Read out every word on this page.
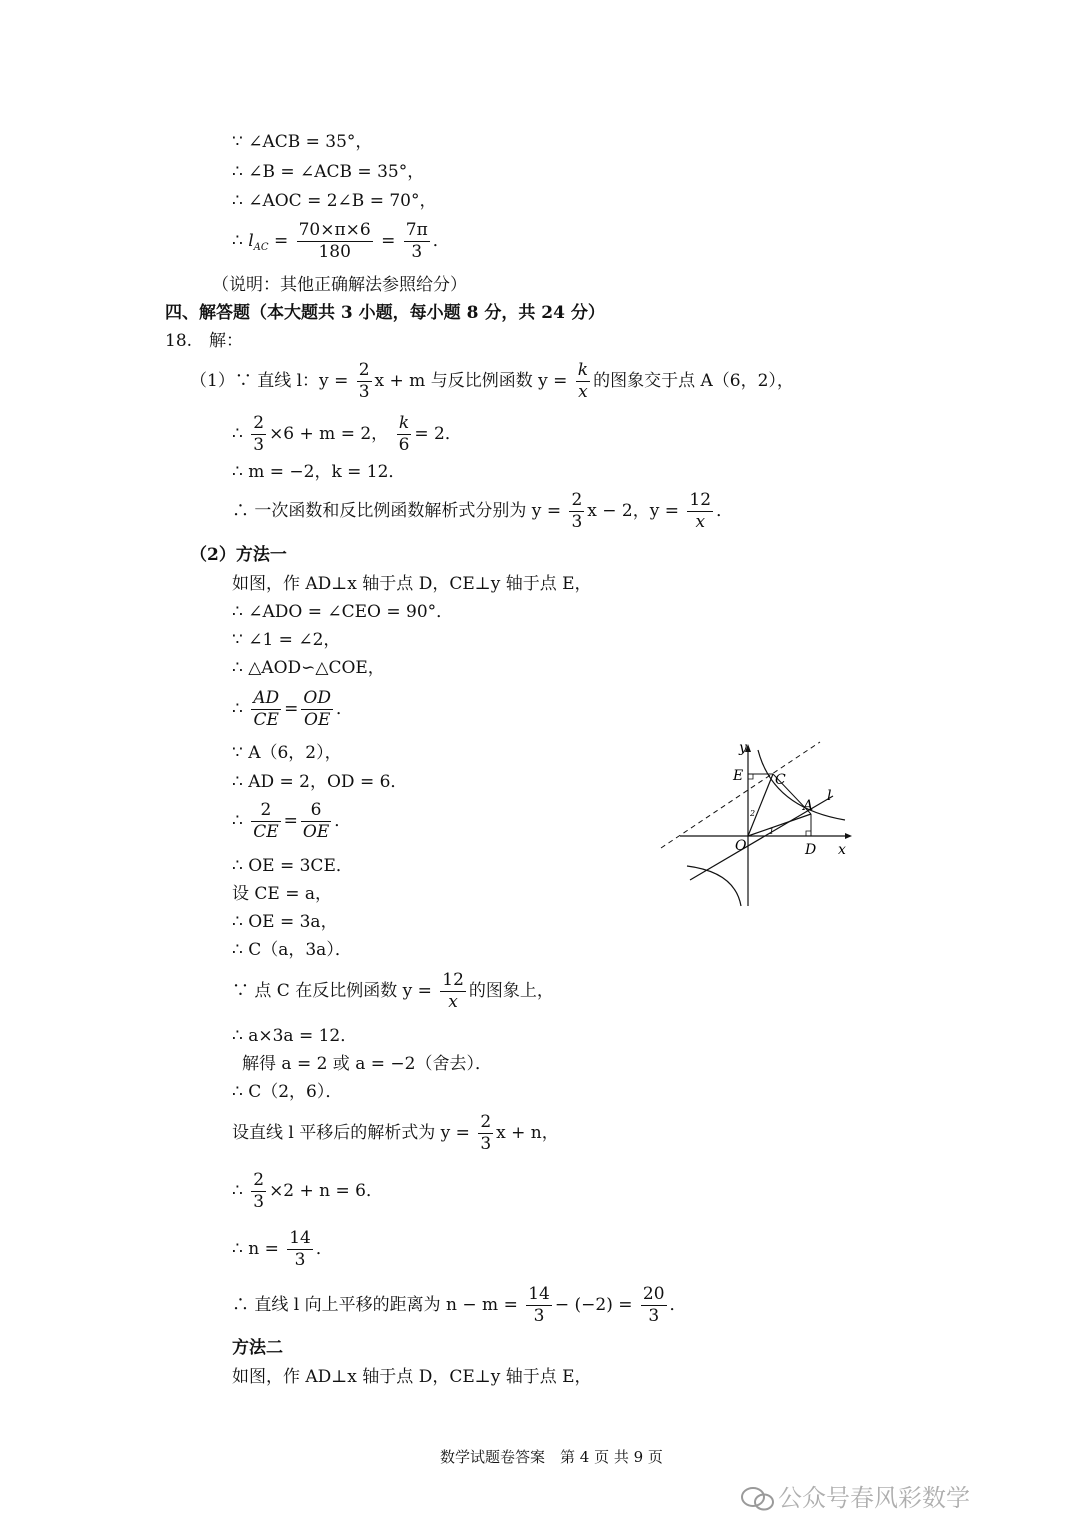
∵ ∠ACB = 35°，
∴ ∠B = ∠ACB = 35°，
∴ ∠AOC = 2∠B = 70°，
∴ $l_{AC} = \frac{70\times\pi\times 6}{180} = \frac{7\pi}{3}$ ．
（说明：其他正确解法参照给分）
四、解答题（本大题共 3 小题，每小题 8 分，共 24 分）
18.　解：
（1）∵ 直线 l：$y = \frac{2}{3}$ x + m 与反比例函数 $y = \frac{k}{x}$ 的图象交于点 A（6，2），
∴ $\frac{2}{3} \times 6 + m = 2$， $\frac{k}{6} = 2$．
∴ m = −2，k = 12．
∴ 一次函数和反比例函数解析式分别为 $y = \frac{2}{3}$ x − 2，$y = \frac{12}{x}$ ．
（2）方法一
如图，作 AD⊥x 轴于点 D，CE⊥y 轴于点 E，
∴ ∠ADO = ∠CEO = 90°．
∵ ∠1 = ∠2，
∴ △AOD∽△COE，
∴ $\frac{AD}{CE} = \frac{OD}{OE}$ ．
∵ A（6，2），
∴ AD = 2，OD = 6．
∴ $\frac{2}{CE} = \frac{6}{OE}$ ．
∴ OE = 3CE．
设 CE = a，
∴ OE = 3a，
∴ C（a，3a）．
∵ 点 C 在反比例函数 $y = \frac{12}{x}$ 的图象上，
∴ a×3a = 12．
解得 a = 2 或 a = −2（舍去）．
∴ C（2，6）．
设直线 l 平移后的解析式为 $y = \frac{2}{3}$ x + n，
∴ $\frac{2}{3} \times 2 + n = 6$．
∴ $n = \frac{14}{3}$ ．
∴ 直线 l 向上平移的距离为 $n - m = \frac{14}{3} - (-2) = \frac{20}{3}$ ．
方法二
如图，作 AD⊥x 轴于点 D，CE⊥y 轴于点 E，
y
x
E C
A
l
O	D
1
2
数学试题卷答案　第 4 页 共 9 页
公众号春风彩数学
